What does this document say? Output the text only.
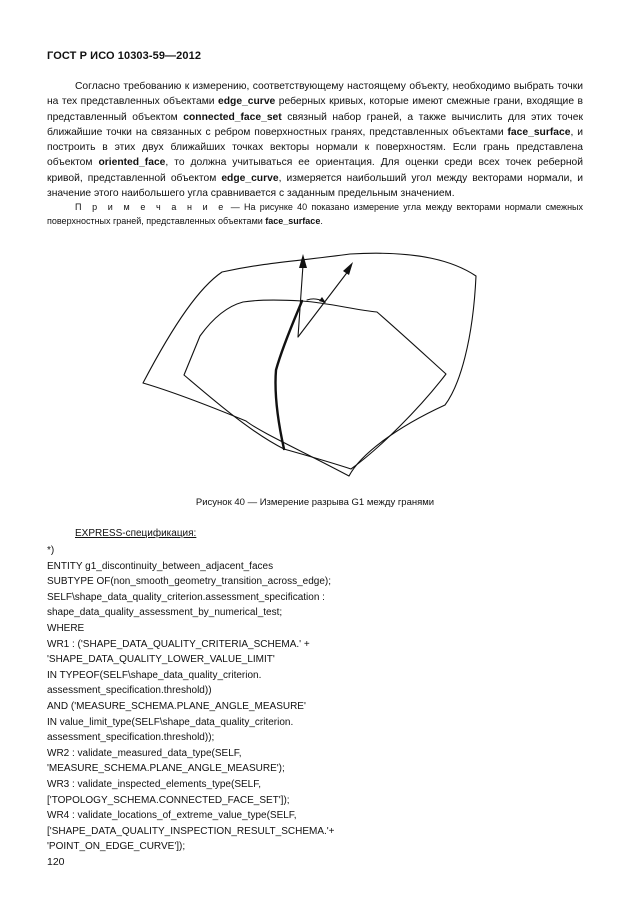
ГОСТ Р ИСО 10303-59—2012

Согласно требованию к измерению, соответствующему настоящему объекту, необходимо выбрать точки на тех представленных объектами edge_curve реберных кривых, которые имеют смежные грани, входящие в представленный объектом connected_face_set связный набор граней, а также вычислить для этих точек ближайшие точки на связанных с ребром поверхностных гранях, представленных объектами face_surface, и построить в этих двух ближайших точках векторы нормали к поверхностям. Если грань представлена объектом oriented_face, то должна учитываться ее ориентация. Для оценки среди всех точек реберной кривой, представленной объектом edge_curve, измеряется наибольший угол между векторами нормали, и значение этого наибольшего угла сравнивается с заданным предельным значением.

П р и м е ч а н и е — На рисунке 40 показано измерение угла между векторами нормали смежных поверхностных граней, представленных объектами face_surface.

Рисунок 40 — Измерение разрыва G1 между гранями
EXPRESS-спецификация:
*)
ENTITY g1_discontinuity_between_adjacent_faces
SUBTYPE OF(non_smooth_geometry_transition_across_edge);
SELF\shape_data_quality_criterion.assessment_specification :
shape_data_quality_assessment_by_numerical_test;
WHERE
WR1 : ('SHAPE_DATA_QUALITY_CRITERIA_SCHEMA.' +
'SHAPE_DATA_QUALITY_LOWER_VALUE_LIMIT'
IN TYPEOF(SELF\shape_data_quality_criterion.
assessment_specification.threshold))
AND ('MEASURE_SCHEMA.PLANE_ANGLE_MEASURE'
IN value_limit_type(SELF\shape_data_quality_criterion.
assessment_specification.threshold));
WR2 : validate_measured_data_type(SELF,
'MEASURE_SCHEMA.PLANE_ANGLE_MEASURE');
WR3 : validate_inspected_elements_type(SELF,
['TOPOLOGY_SCHEMA.CONNECTED_FACE_SET']);
WR4 : validate_locations_of_extreme_value_type(SELF,
['SHAPE_DATA_QUALITY_INSPECTION_RESULT_SCHEMA.'+
'POINT_ON_EDGE_CURVE']);
120
